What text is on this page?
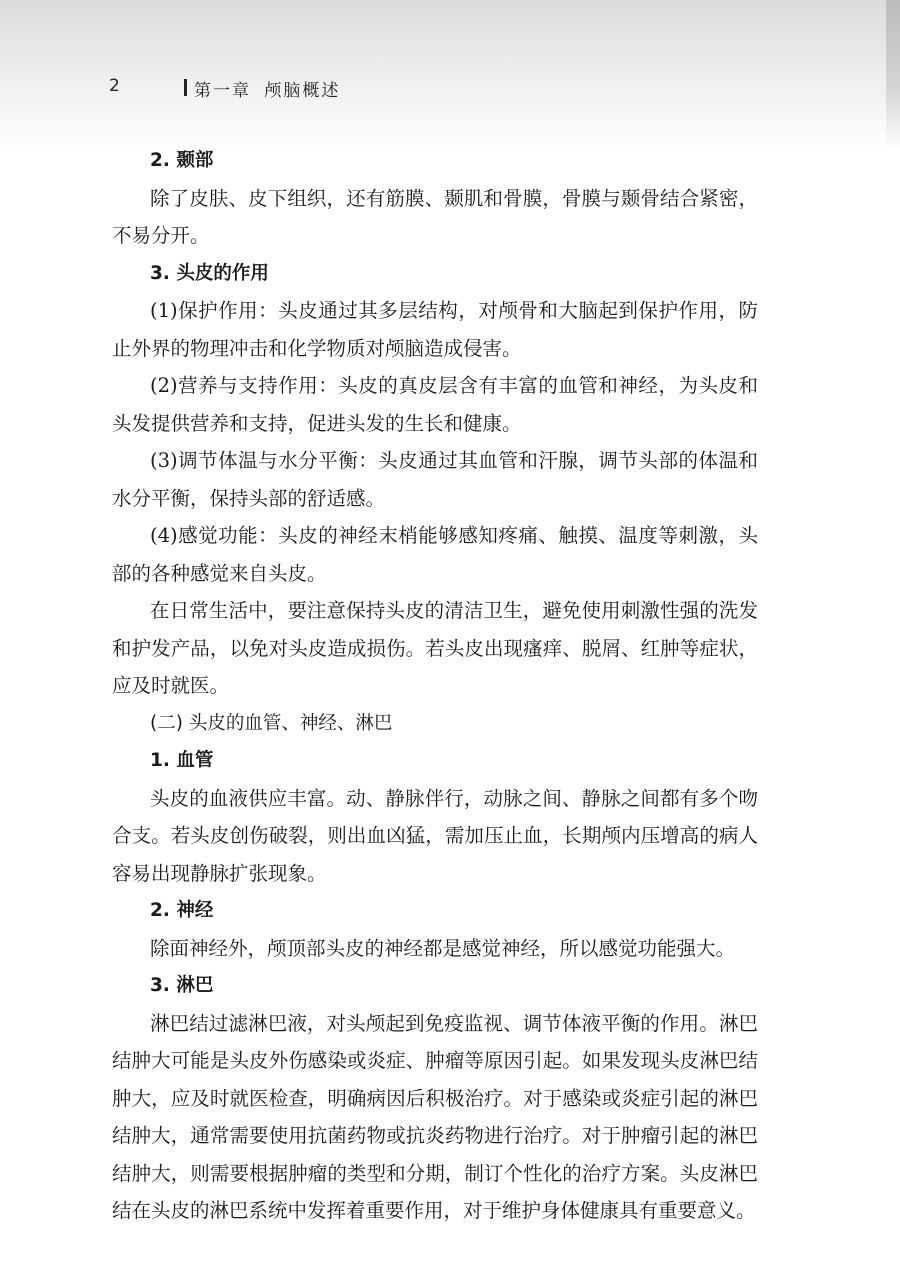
2	第一章 颅脑概述

2. 颞部

除了皮肤、皮下组织，还有筋膜、颞肌和骨膜，骨膜与颞骨结合紧密，不易分开。

3. 头皮的作用

(1)保护作用：头皮通过其多层结构，对颅骨和大脑起到保护作用，防止外界的物理冲击和化学物质对颅脑造成侵害。

(2)营养与支持作用：头皮的真皮层含有丰富的血管和神经，为头皮和头发提供营养和支持，促进头发的生长和健康。

(3)调节体温与水分平衡：头皮通过其血管和汗腺，调节头部的体温和水分平衡，保持头部的舒适感。

(4)感觉功能：头皮的神经末梢能够感知疼痛、触摸、温度等刺激，头部的各种感觉来自头皮。

在日常生活中，要注意保持头皮的清洁卫生，避免使用刺激性强的洗发和护发产品，以免对头皮造成损伤。若头皮出现瘙痒、脱屑、红肿等症状，应及时就医。

(二) 头皮的血管、神经、淋巴

1. 血管

头皮的血液供应丰富。动、静脉伴行，动脉之间、静脉之间都有多个吻合支。若头皮创伤破裂，则出血凶猛，需加压止血，长期颅内压增高的病人容易出现静脉扩张现象。

2. 神经

除面神经外，颅顶部头皮的神经都是感觉神经，所以感觉功能强大。

3. 淋巴

淋巴结过滤淋巴液，对头颅起到免疫监视、调节体液平衡的作用。淋巴结肿大可能是头皮外伤感染或炎症、肿瘤等原因引起。如果发现头皮淋巴结肿大，应及时就医检查，明确病因后积极治疗。对于感染或炎症引起的淋巴结肿大，通常需要使用抗菌药物或抗炎药物进行治疗。对于肿瘤引起的淋巴结肿大，则需要根据肿瘤的类型和分期，制订个性化的治疗方案。头皮淋巴结在头皮的淋巴系统中发挥着重要作用，对于维护身体健康具有重要意义。
